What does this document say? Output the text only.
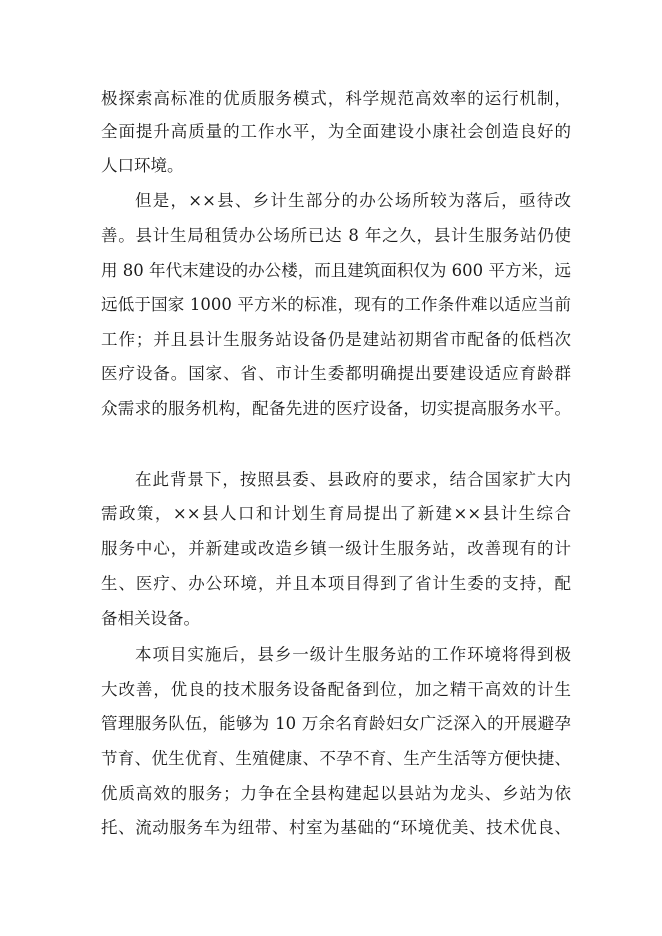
极探索高标准的优质服务模式，科学规范高效率的运行机制，
全面提升高质量的工作水平，为全面建设小康社会创造良好的
人口环境。
但是，××县、乡计生部分的办公场所较为落后，亟待改
善。县计生局租赁办公场所已达 8 年之久，县计生服务站仍使
用 80 年代末建设的办公楼，而且建筑面积仅为 600 平方米，远
远低于国家 1000 平方米的标准，现有的工作条件难以适应当前
工作；并且县计生服务站设备仍是建站初期省市配备的低档次
医疗设备。国家、省、市计生委都明确提出要建设适应育龄群
众需求的服务机构，配备先进的医疗设备，切实提高服务水平。
在此背景下，按照县委、县政府的要求，结合国家扩大内
需政策，××县人口和计划生育局提出了新建××县计生综合
服务中心，并新建或改造乡镇一级计生服务站，改善现有的计
生、医疗、办公环境，并且本项目得到了省计生委的支持，配
备相关设备。
本项目实施后，县乡一级计生服务站的工作环境将得到极
大改善，优良的技术服务设备配备到位，加之精干高效的计生
管理服务队伍，能够为 10 万余名育龄妇女广泛深入的开展避孕
节育、优生优育、生殖健康、不孕不育、生产生活等方便快捷、
优质高效的服务；力争在全县构建起以县站为龙头、乡站为依
托、流动服务车为纽带、村室为基础的“环境优美、技术优良、
